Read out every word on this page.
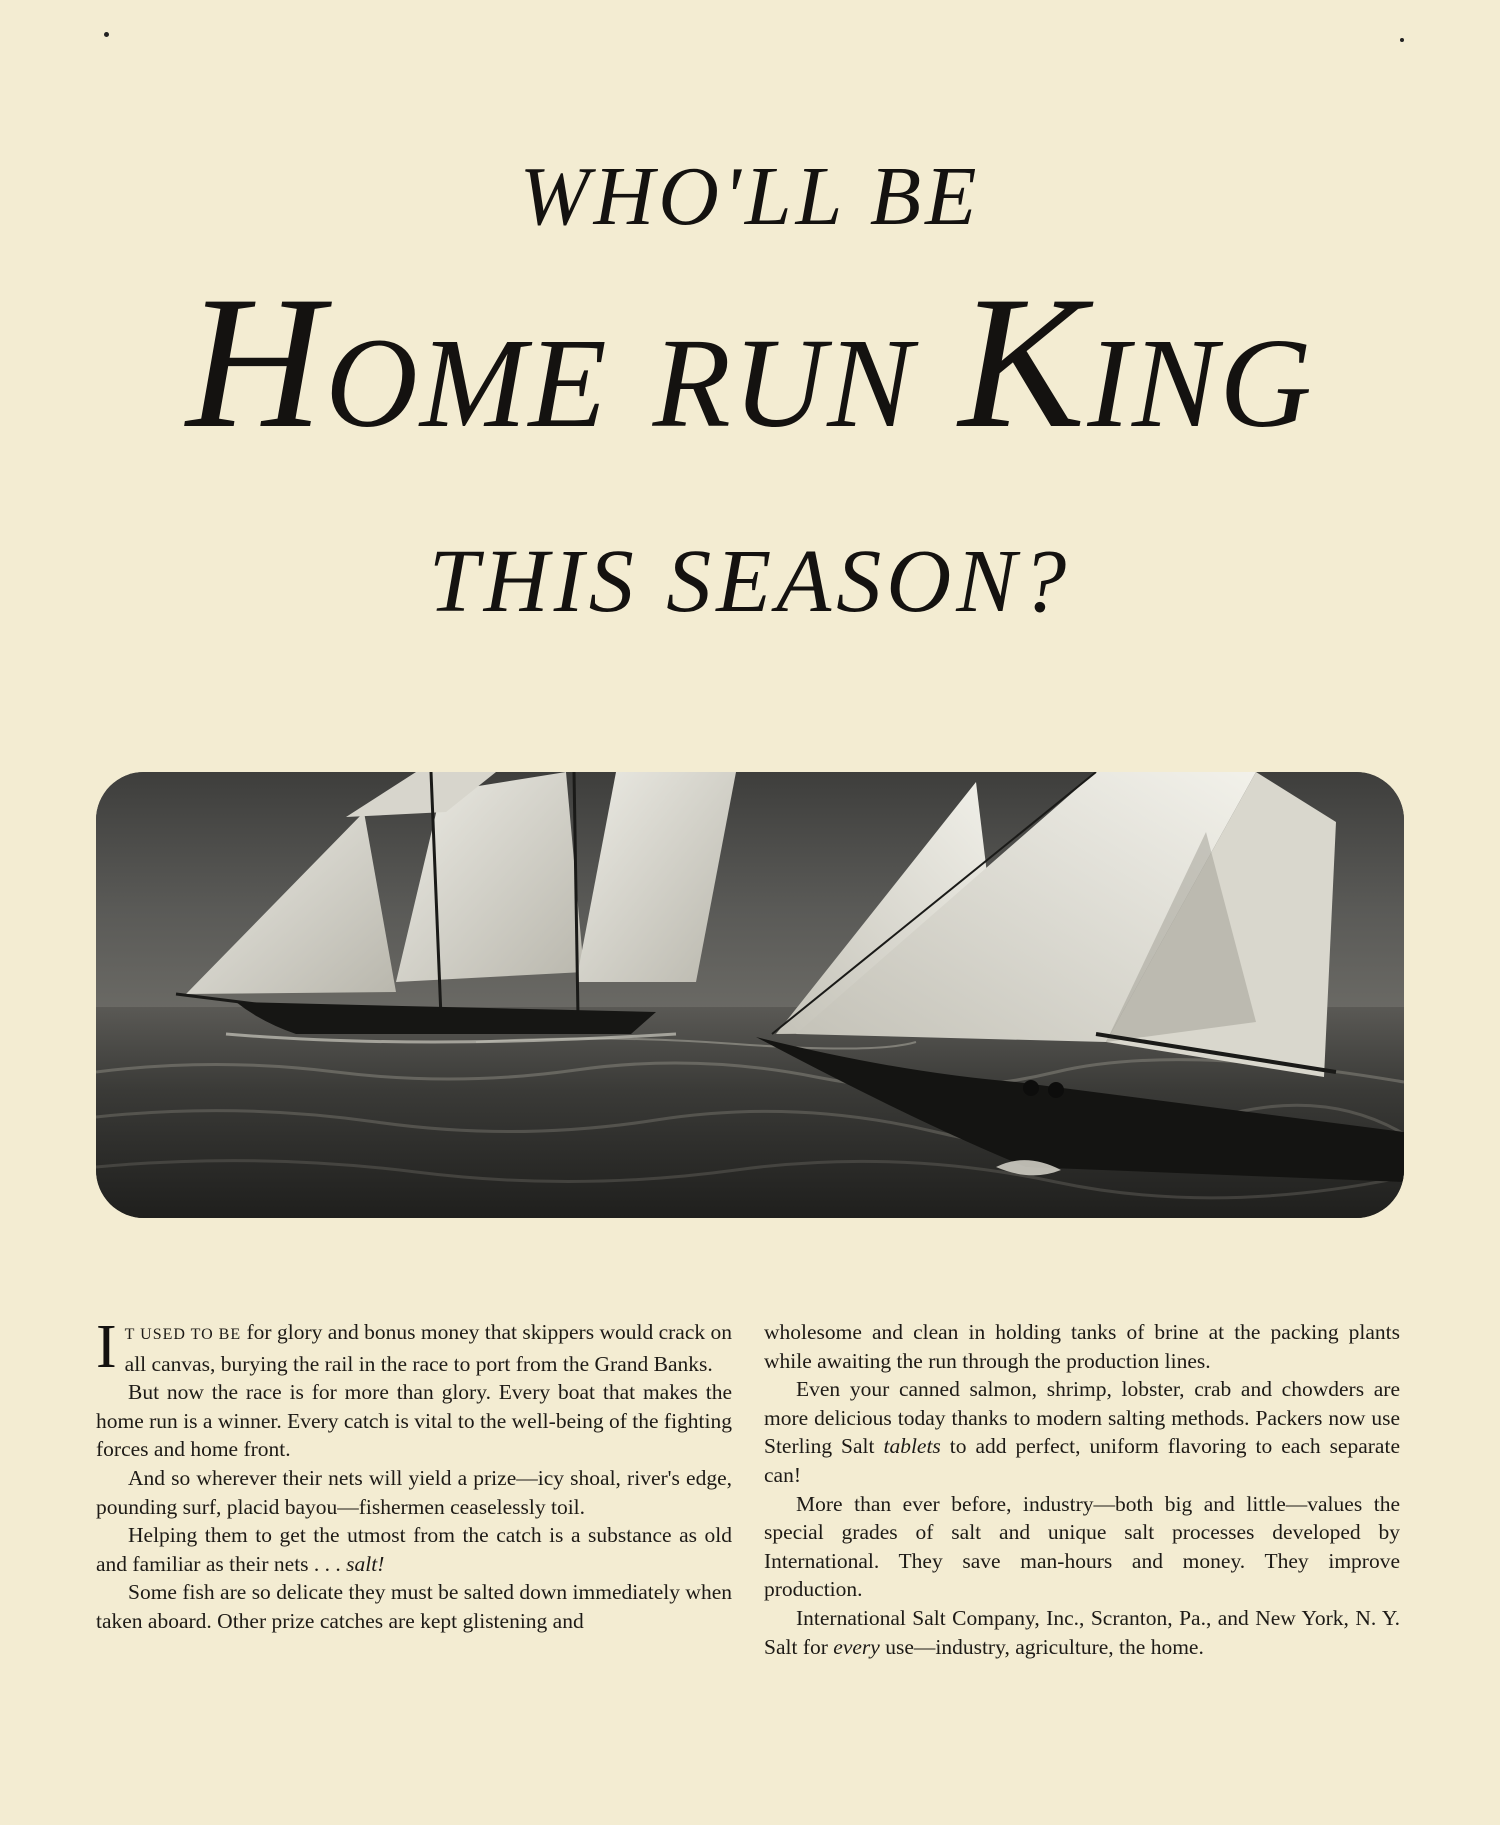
WHO'LL BE
HOME RUN KING
THIS SEASON?

I T USED TO BE for glory and bonus money that skippers would crack on all canvas, burying the rail in the race to port from the Grand Banks.

But now the race is for more than glory. Every boat that makes the home run is a winner. Every catch is vital to the well-being of the fighting forces and home front.

And so wherever their nets will yield a prize—icy shoal, river's edge, pounding surf, placid bayou—fishermen ceaselessly toil.

Helping them to get the utmost from the catch is a substance as old and familiar as their nets . . . salt!

Some fish are so delicate they must be salted down immediately when taken aboard. Other prize catches are kept glistening and

wholesome and clean in holding tanks of brine at the packing plants while awaiting the run through the production lines.

Even your canned salmon, shrimp, lobster, crab and chowders are more delicious today thanks to modern salting methods. Packers now use Sterling Salt tablets to add perfect, uniform flavoring to each separate can!

More than ever before, industry—both big and little—values the special grades of salt and unique salt processes developed by International. They save man-hours and money. They improve production.

International Salt Company, Inc., Scranton, Pa., and New York, N. Y. Salt for every use—industry, agriculture, the home.
